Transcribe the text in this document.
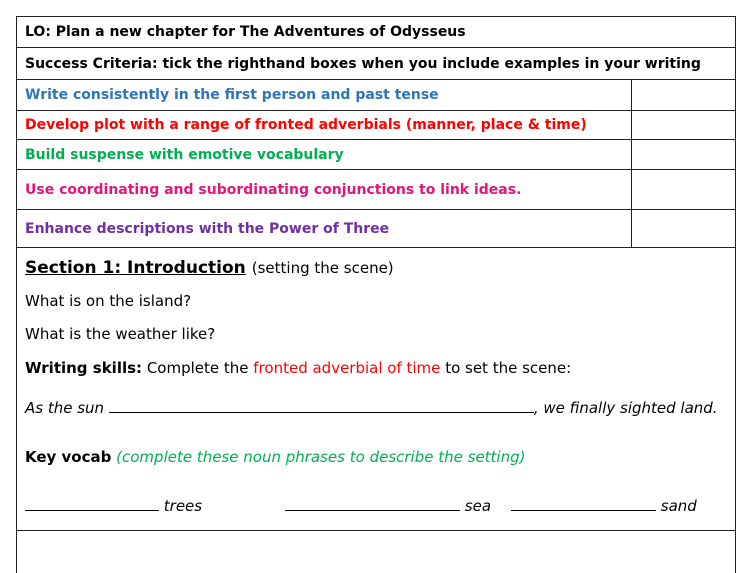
LO: Plan a new chapter for The Adventures of Odysseus
Success Criteria: tick the righthand boxes when you include examples in your writing
Write consistently in the first person and past tense
Develop plot with a range of fronted adverbials (manner, place & time)
Build suspense with emotive vocabulary
Use coordinating and subordinating conjunctions to link ideas.
Enhance descriptions with the Power of Three
Section 1: Introduction (setting the scene)
What is on the island?
What is the weather like?
Writing skills: Complete the fronted adverbial of time to set the scene:
As the sun	, we finally sighted land.
Key vocab (complete these noun phrases to describe the setting)
trees	sea	sand
